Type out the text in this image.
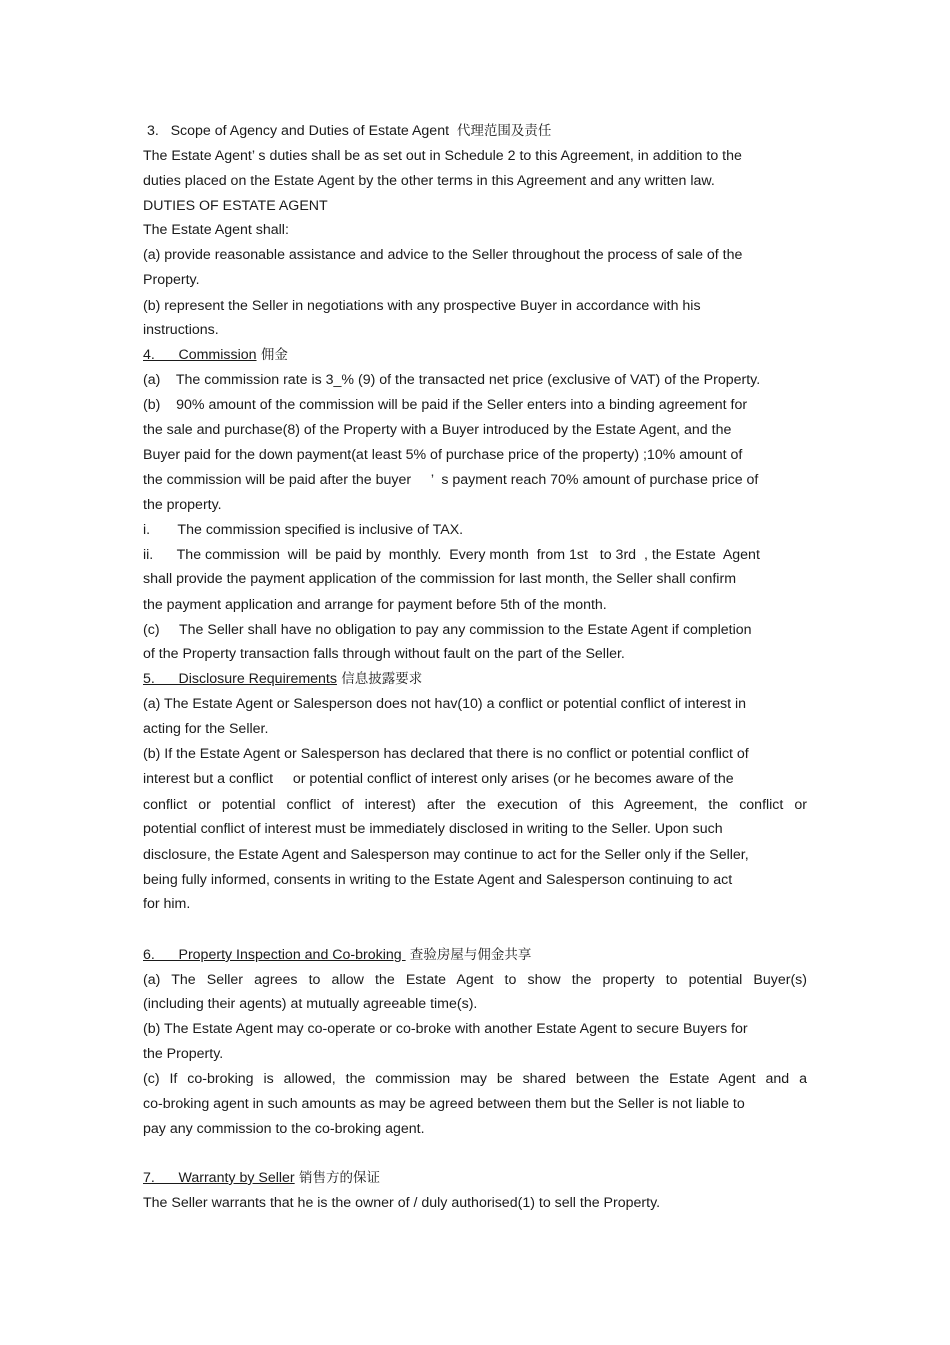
3.   Scope of Agency and Duties of Estate Agent  代理范围及责任
The Estate Agent’ s duties shall be as set out in Schedule 2 to this Agreement, in addition to the
duties placed on the Estate Agent by the other terms in this Agreement and any written law.
DUTIES OF ESTATE AGENT
The Estate Agent shall:
(a) provide reasonable assistance and advice to the Seller throughout the process of sale of the
Property.
(b) represent the Seller in negotiations with any prospective Buyer in accordance with his
instructions.
4.      Commission 佣金
(a)    The commission rate is 3_% (9) of the transacted net price (exclusive of VAT) of the Property.
(b)    90% amount of the commission will be paid if the Seller enters into a binding agreement for
the sale and purchase(8) of the Property with a Buyer introduced by the Estate Agent, and the
Buyer paid for the down payment(at least 5% of purchase price of the property) ;10% amount of
the commission will be paid after the buyer     ’  s payment reach 70% amount of purchase price of
the property.
i.       The commission specified is inclusive of TAX.
ii.      The commission  will  be paid by  monthly.  Every month  from 1st   to 3rd  , the Estate  Agent
shall provide the payment application of the commission for last month, the Seller shall confirm
the payment application and arrange for payment before 5th of the month.
(c)     The Seller shall have no obligation to pay any commission to the Estate Agent if completion
of the Property transaction falls through without fault on the part of the Seller.
5.      Disclosure Requirements 信息披露要求
(a) The Estate Agent or Salesperson does not hav(10) a conflict or potential conflict of interest in
acting for the Seller.
(b) If the Estate Agent or Salesperson has declared that there is no conflict or potential conflict of
interest but a conflict     or potential conflict of interest only arises (or he becomes aware of the
conflict or potential conflict of interest) after the execution of this Agreement, the conflict or
potential conflict of interest must be immediately disclosed in writing to the Seller. Upon such
disclosure, the Estate Agent and Salesperson may continue to act for the Seller only if the Seller,
being fully informed, consents in writing to the Estate Agent and Salesperson continuing to act
for him.
6.      Property Inspection and Co-broking  查验房屋与佣金共享
(a) The Seller agrees to allow the Estate Agent to show the property to potential Buyer(s)
(including their agents) at mutually agreeable time(s).
(b) The Estate Agent may co-operate or co-broke with another Estate Agent to secure Buyers for
the Property.
(c) If co-broking is allowed, the commission may be shared between the Estate Agent and a
co-broking agent in such amounts as may be agreed between them but the Seller is not liable to
pay any commission to the co-broking agent.
7.      Warranty by Seller 销售方的保证
The Seller warrants that he is the owner of / duly authorised(1) to sell the Property.
